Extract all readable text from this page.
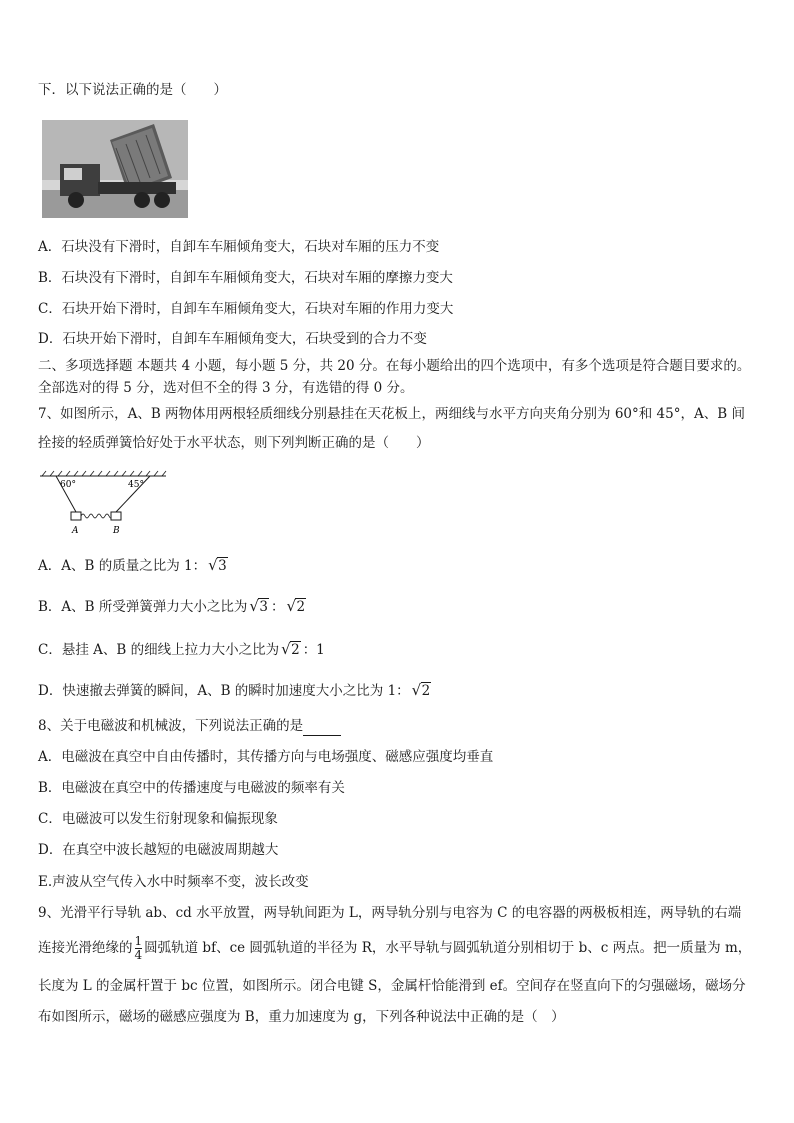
下．以下说法正确的是（　　）
A．石块没有下滑时，自卸车车厢倾角变大，石块对车厢的压力不变
B．石块没有下滑时，自卸车车厢倾角变大，石块对车厢的摩擦力变大
C．石块开始下滑时，自卸车车厢倾角变大，石块对车厢的作用力变大
D．石块开始下滑时，自卸车车厢倾角变大，石块受到的合力不变
二、多项选择题 本题共 4 小题，每小题 5 分，共 20 分。在每小题给出的四个选项中，有多个选项是符合题目要求的。
全部选对的得 5 分，选对但不全的得 3 分，有选错的得 0 分。
7、如图所示，A、B 两物体用两根轻质细线分别悬挂在天花板上，两细线与水平方向夹角分别为 60°和 45°，A、B 间
拴接的轻质弹簧恰好处于水平状态，则下列判断正确的是（　　）
60°	45°
A	B
A．A、B 的质量之比为 1： √ 3
B．A、B 所受弹簧弹力大小之比为 √ 3 ： √ 2
C．悬挂 A、B 的细线上拉力大小之比为 √ 2 ：1
D．快速撤去弹簧的瞬间，A、B 的瞬时加速度大小之比为 1： √ 2
8、关于电磁波和机械波，下列说法正确的是
A．电磁波在真空中自由传播时，其传播方向与电场强度、磁感应强度均垂直
B．电磁波在真空中的传播速度与电磁波的频率有关
C．电磁波可以发生衍射现象和偏振现象
D．在真空中波长越短的电磁波周期越大
E.声波从空气传入水中时频率不变，波长改变
9、光滑平行导轨 ab、cd 水平放置，两导轨间距为 L，两导轨分别与电容为 C 的电容器的两极板相连，两导轨的右端
连接光滑绝缘的 $\frac{1}{4}$ 圆弧轨道 bf、ce 圆弧轨道的半径为 R，水平导轨与圆弧轨道分别相切于 b、c 两点。把一质量为 m，
长度为 L 的金属杆置于 bc 位置，如图所示。闭合电键 S，金属杆恰能滑到 ef。空间存在竖直向下的匀强磁场，磁场分
布如图所示，磁场的磁感应强度为 B，重力加速度为 g，下列各种说法中正确的是（　）
